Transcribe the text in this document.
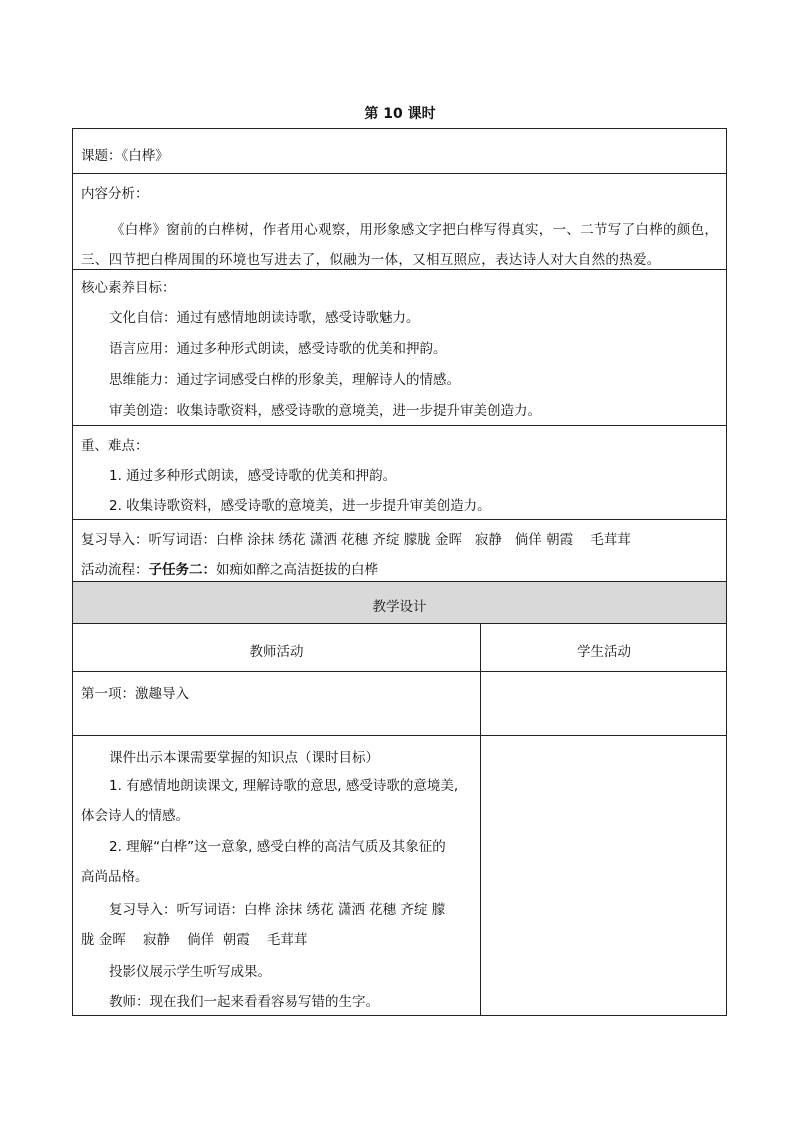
第 10 课时
课题：《白桦》
内容分析：
《白桦》窗前的白桦树，作者用心观察，用形象感文字把白桦写得真实，一、二节写了白桦的颜色，
三、四节把白桦周围的环境也写进去了，似融为一体，又相互照应，表达诗人对大自然的热爱。
核心素养目标：
文化自信：通过有感情地朗读诗歌，感受诗歌魅力。
语言应用：通过多种形式朗读，感受诗歌的优美和押韵。
思维能力：通过字词感受白桦的形象美，理解诗人的情感。
审美创造：收集诗歌资料，感受诗歌的意境美，进一步提升审美创造力。
重、难点：
1. 通过多种形式朗读，感受诗歌的优美和押韵。
2. 收集诗歌资料，感受诗歌的意境美，进一步提升审美创造力。
复习导入：听写词语：白桦 涂抹 绣花 潇洒 花穗 齐绽 朦胧 金晖   寂静   倘佯 朝霞    毛茸茸
活动流程：子任务二：如痴如醉之高洁挺拔的白桦
教学设计
教师活动	学生活动
第一项：激趣导入
课件出示本课需要掌握的知识点（课时目标）
1. 有感情地朗读课文, 理解诗歌的意思, 感受诗歌的意境美,
体会诗人的情感。
2. 理解“白桦”这一意象, 感受白桦的高洁气质及其象征的
高尚品格。
复习导入：听写词语：白桦 涂抹 绣花 潇洒 花穗 齐绽 朦
胧 金晖    寂静    倘佯  朝霞    毛茸茸
投影仪展示学生听写成果。
教师：现在我们一起来看看容易写错的生字。
